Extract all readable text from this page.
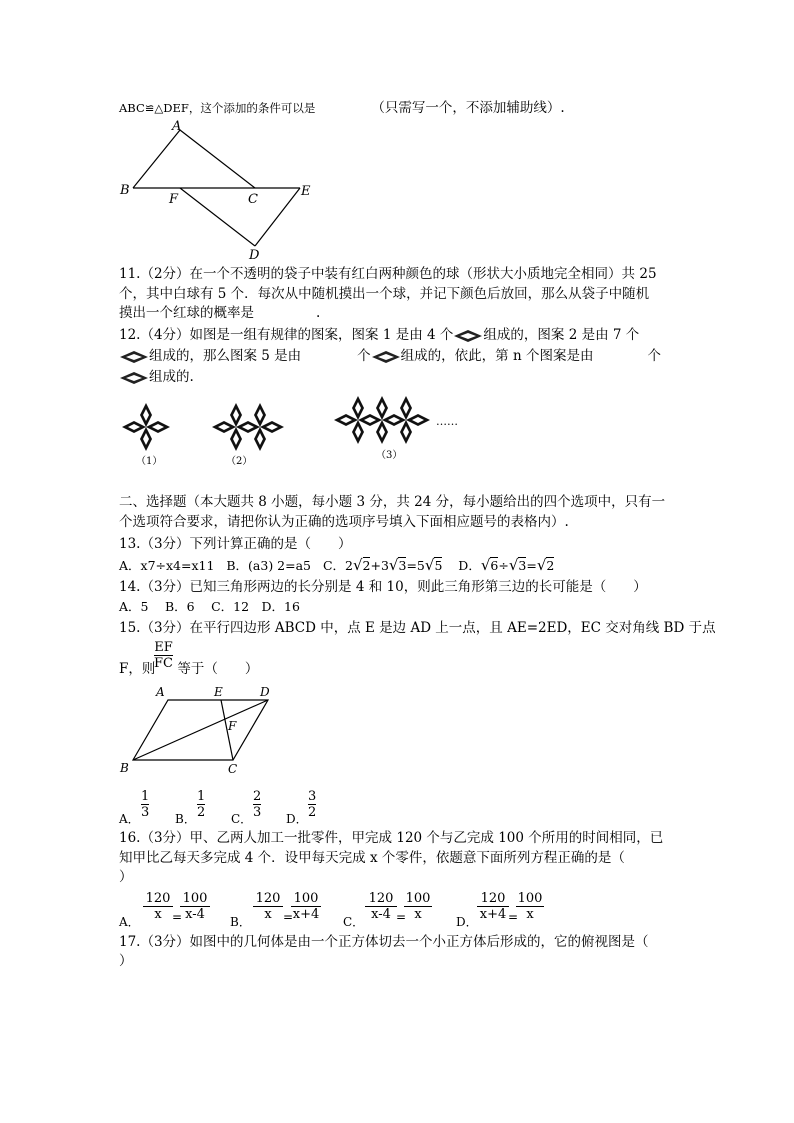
ABC≌△DEF，这个添加的条件可以是	（只需写一个，不添加辅助线）.
A
B
F	C
E
D
11.（2分）在一个不透明的袋子中装有红白两种颜色的球（形状大小质地完全相同）共 25
个，其中白球有 5 个．每次从中随机摸出一个球，并记下颜色后放回，那么从袋子中随机
摸出一个红球的概率是	.
12.（4分）如图是一组有规律的图案，图案 1 是由 4 个 组成的，图案 2 是由 7 个
组成的，那么图案 5 是由	个 组成的，依此，第 n 个图案是由	个
组成的.
（1）	（2）
（3）
……
二、选择题（本大题共 8 小题，每小题 3 分，共 24 分，每小题给出的四个选项中，只有一
个选项符合要求，请把你认为正确的选项序号填入下面相应题号的表格内）.
13.（3分）下列计算正确的是（　　）
A．x7÷x4=x11 B．(a3) 2=a5 C．2√2+3√3=5√5 D．√6÷√3=√2
14.（3分）已知三角形两边的长分别是 4 和 10，则此三角形第三边的长可能是（　　）
A．5　 B．6　 C．12　D．16
15.（3分）在平行四边形 ABCD 中，点 E 是边 AD 上一点，且 AE=2ED，EC 交对角线 BD 于点
$\frac{EF}{FC}$
F，则 等于（　　）
A	E	D
F
B	C
A． $\frac{1}{3}$ B． $\frac{1}{2}$ C． $\frac{2}{3}$ D． $\frac{3}{2}$
16.（3分）甲、乙两人加工一批零件，甲完成 120 个与乙完成 100 个所用的时间相同，已
知甲比乙每天多完成 4 个．设甲每天完成 x 个零件，依题意下面所列方程正确的是（
）
A． $\frac{120}{x}$ =
$\frac{100}{x-4}$ B． $\frac{120}{x}$ =
$\frac{100}{x+4}$ C． $\frac{120}{x-4}$ =
$\frac{100}{x}$ D． $\frac{120}{x+4}$ =
$\frac{100}{x}$
17.（3分）如图中的几何体是由一个正方体切去一个小正方体后形成的，它的俯视图是（
）
